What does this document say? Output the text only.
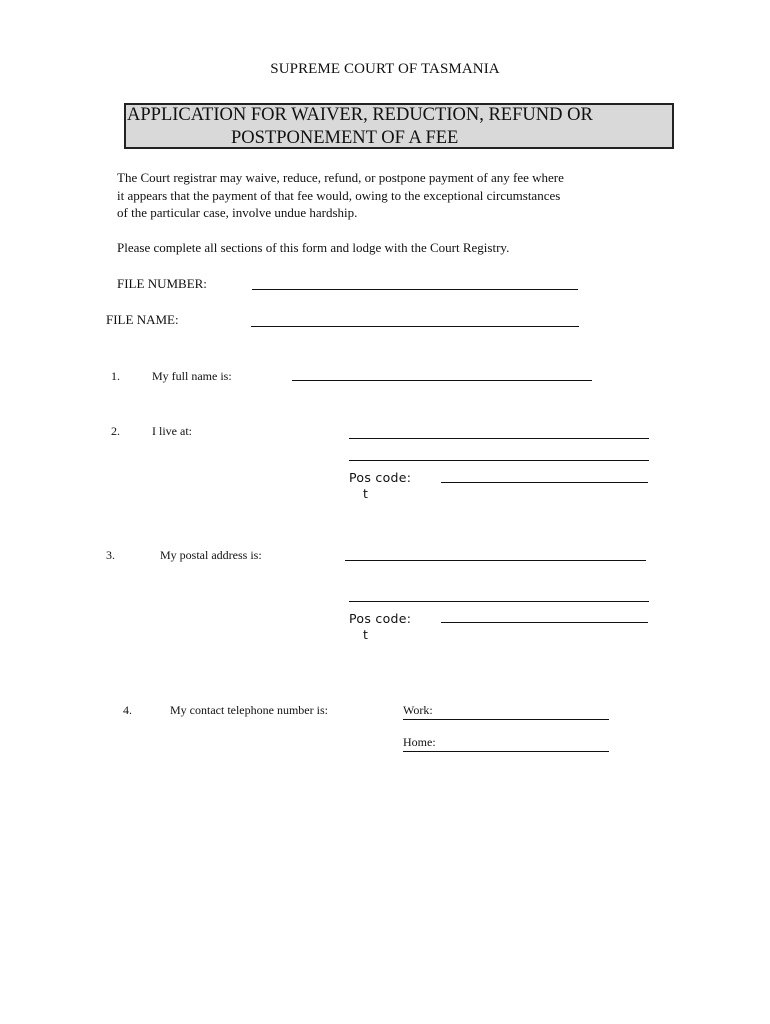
SUPREME COURT OF TASMANIA
APPLICATION FOR WAIVER, REDUCTION, REFUND OR
POSTPONEMENT OF A FEE
The Court registrar may waive, reduce, refund, or postpone payment of any fee where
it appears that the payment of that fee would, owing to the exceptional circumstances
of the particular case, involve undue hardship.
Please complete all sections of this form and lodge with the Court Registry.
FILE NUMBER:
FILE NAME:
1.	My full name is:
2.	I live at:
Pos code:
t
3.	My postal address is:
Pos code:
t
4.	My contact telephone number is:	Work:
Home:
